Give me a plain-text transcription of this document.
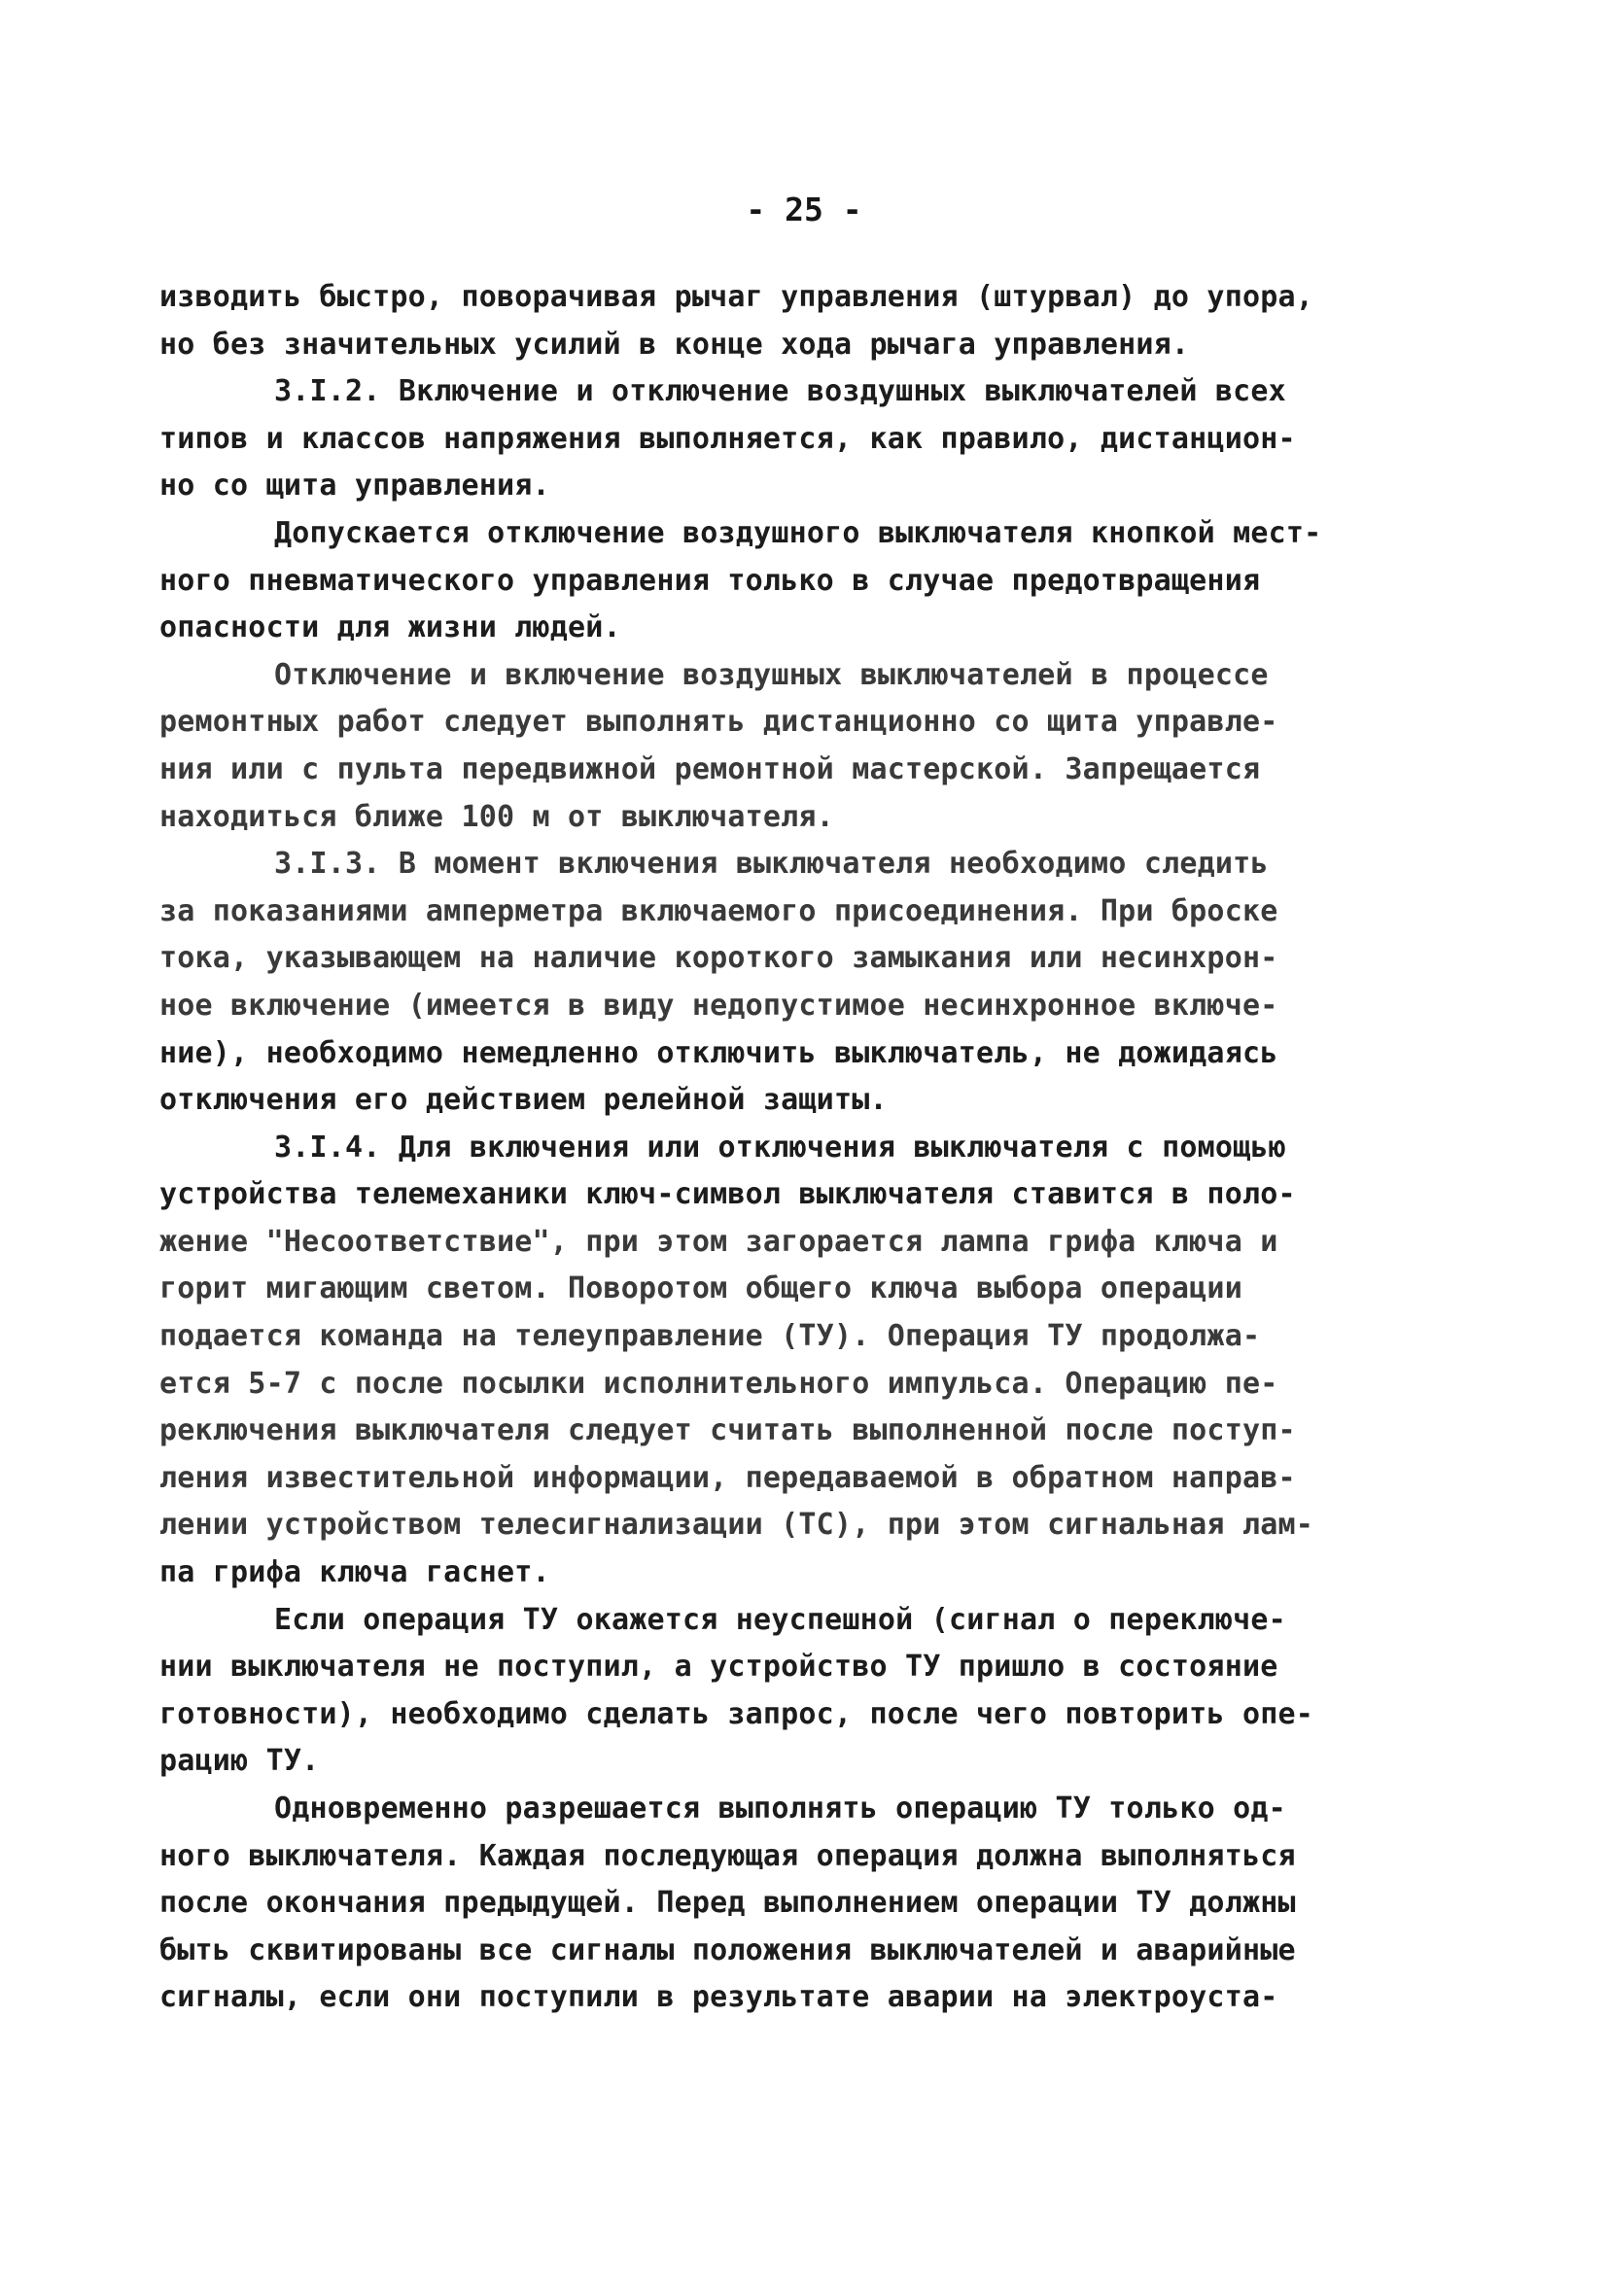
- 25 -
изводить быстро, поворачивая рычаг управления (штурвал) до упора,
но без значительных усилий в конце хода рычага управления.
3.I.2. Включение и отключение воздушных выключателей всех
типов и классов напряжения выполняется, как правило, дистанцион-
но со щита управления.
Допускается отключение воздушного выключателя кнопкой мест-
ного пневматического управления только в случае предотвращения
опасности для жизни людей.
Отключение и включение воздушных выключателей в процессе
ремонтных работ следует выполнять дистанционно со щита управле-
ния или с пульта передвижной ремонтной мастерской. Запрещается
находиться ближе 100 м от выключателя.
3.I.3. В момент включения выключателя необходимо следить
за показаниями амперметра включаемого присоединения. При броске
тока, указывающем на наличие короткого замыкания или несинхрон-
ное включение (имеется в виду недопустимое несинхронное включе-
ние), необходимо немедленно отключить выключатель, не дожидаясь
отключения его действием релейной защиты.
3.I.4. Для включения или отключения выключателя с помощью
устройства телемеханики ключ-символ выключателя ставится в поло-
жение "Несоответствие", при этом загорается лампа грифа ключа и
горит мигающим светом. Поворотом общего ключа выбора операции
подается команда на телеуправление (ТУ). Операция ТУ продолжа-
ется 5-7 с после посылки исполнительного импульса. Операцию пе-
реключения выключателя следует считать выполненной после поступ-
ления известительной информации, передаваемой в обратном направ-
лении устройством телесигнализации (ТС), при этом сигнальная лам-
па грифа ключа гаснет.
Если операция ТУ окажется неуспешной (сигнал о переключе-
нии выключателя не поступил, а устройство ТУ пришло в состояние
готовности), необходимо сделать запрос, после чего повторить опе-
рацию ТУ.
Одновременно разрешается выполнять операцию ТУ только од-
ного выключателя. Каждая последующая операция должна выполняться
после окончания предыдущей. Перед выполнением операции ТУ должны
быть сквитированы все сигналы положения выключателей и аварийные
сигналы, если они поступили в результате аварии на электроуста-
